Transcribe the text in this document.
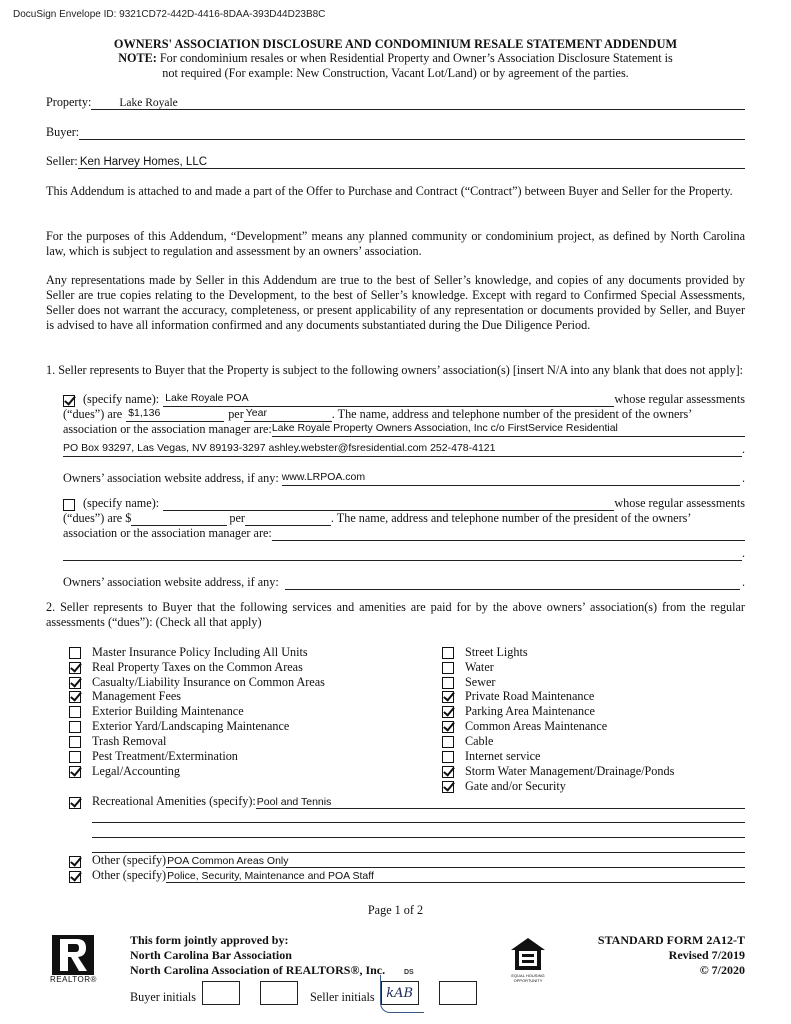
DocuSign Envelope ID: 9321CD72-442D-4416-8DAA-393D44D23B8C
OWNERS' ASSOCIATION DISCLOSURE AND CONDOMINIUM RESALE STATEMENT ADDENDUM
NOTE: For condominium resales or when Residential Property and Owner’s Association Disclosure Statement is
not required (For example: New Construction, Vacant Lot/Land) or by agreement of the parties.
Property: Lake Royale
Buyer:
Seller: Ken Harvey Homes, LLC
This Addendum is attached to and made a part of the Offer to Purchase and Contract (“Contract”) between Buyer and Seller for the Property.
For the purposes of this Addendum, “Development” means any planned community or condominium project, as defined by North Carolina law, which is subject to regulation and assessment by an owners’ association.
Any representations made by Seller in this Addendum are true to the best of Seller’s knowledge, and copies of any documents provided by Seller are true copies relating to the Development, to the best of Seller’s knowledge. Except with regard to Confirmed Special Assessments, Seller does not warrant the accuracy, completeness, or present applicability of any representation or documents provided by Seller, and Buyer is advised to have all information confirmed and any documents substantiated during the Due Diligence Period.
1. Seller represents to Buyer that the Property is subject to the following owners’ association(s) [insert N/A into any blank that does not apply]:
(specify name): Lake Royale POA	whose regular assessments
(“dues”) are $1,136	per Year	. The name, address and telephone number of the president of the owners’
association or the association manager are: Lake Royale Property Owners Association, Inc c/o FirstService Residential
PO Box 93297, Las Vegas, NV 89193-3297 ashley.webster@fsresidential.com 252-478-4121	.
Owners’ association website address, if any: www.LRPOA.com	.
(specify name):	whose regular assessments
(“dues”) are $	per	. The name, address and telephone number of the president of the owners’
association or the association manager are:
.
Owners’ association website address, if any:	.
2. Seller represents to Buyer that the following services and amenities are paid for by the above owners’ association(s) from the regular assessments (“dues”): (Check all that apply)
Master Insurance Policy Including All Units
Real Property Taxes on the Common Areas
Casualty/Liability Insurance on Common Areas
Management Fees
Exterior Building Maintenance
Exterior Yard/Landscaping Maintenance
Trash Removal
Pest Treatment/Extermination
Legal/Accounting
Street Lights
Water
Sewer
Private Road Maintenance
Parking Area Maintenance
Common Areas Maintenance
Cable
Internet service
Storm Water Management/Drainage/Ponds
Gate and/or Security
Recreational Amenities (specify): Pool and Tennis
Other (specify) POA Common Areas Only
Other (specify) Police, Security, Maintenance and POA Staff
Page 1 of 2
REALTOR®
This form jointly approved by:
North Carolina Bar Association
North Carolina Association of REALTORS®, Inc.	DS
Buyer initials	Seller initials kAB
EQUAL HOUSING OPPORTUNITY
STANDARD FORM 2A12-T
Revised 7/2019
© 7/2020
